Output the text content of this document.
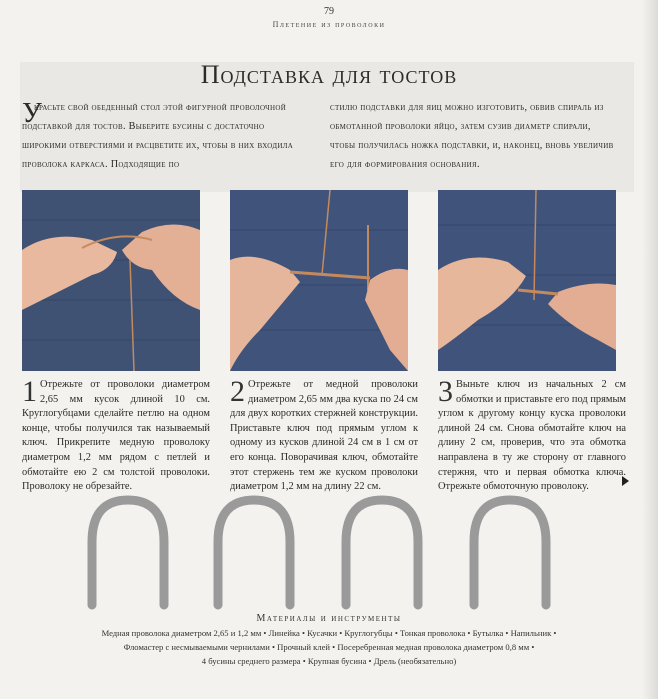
79
Плетение из проволоки
Подставка для тостов
У
красьте свой обеденный стол этой фигурной проволочной подставкой для тостов. Выберите бусины с достаточно широкими отверстиями и расцветите их, чтобы в них входила проволока каркаса. Подходящие по
стилю подставки для яиц можно изготовить, обвив спираль из обмотанной проволоки яйцо, затем сузив диаметр спирали, чтобы получилась ножка подставки, и, наконец, вновь увеличив его для формирования основания.
1 Отрежьте от проволоки диаметром 2,65 мм кусок длиной 10 см. Круглогубцами сделайте петлю на одном конце, чтобы получился так называемый ключ. Прикрепите медную проволоку диаметром 1,2 мм рядом с петлей и обмотайте ею 2 см толстой проволоки. Проволоку не обрезайте.
2 Отрежьте от медной проволоки диаметром 2,65 мм два куска по 24 см для двух коротких стержней конструкции. Приставьте ключ под прямым углом к одному из кусков длиной 24 см в 1 см от его конца. Поворачивая ключ, обмотайте этот стержень тем же куском проволоки диаметром 1,2 мм на длину 22 см.
3 Выньте ключ из начальных 2 см обмотки и приставьте его под прямым углом к другому концу куска проволоки длиной 24 см. Снова обмотайте ключ на длину 2 см, проверив, что эта обмотка направлена в ту же сторону от главного стержня, что и первая обмотка ключа. Отрежьте обмоточную проволоку.
Материалы и инструменты
Медная проволока диаметром 2,65 и 1,2 мм • Линейка • Кусачки • Круглогубцы • Тонкая проволока • Бутылка • Напильник •
Фломастер с несмываемыми чернилами • Прочный клей • Посеребренная медная проволока диаметром 0,8 мм •
4 бусины среднего размера • Крупная бусина • Дрель (необязательно)
